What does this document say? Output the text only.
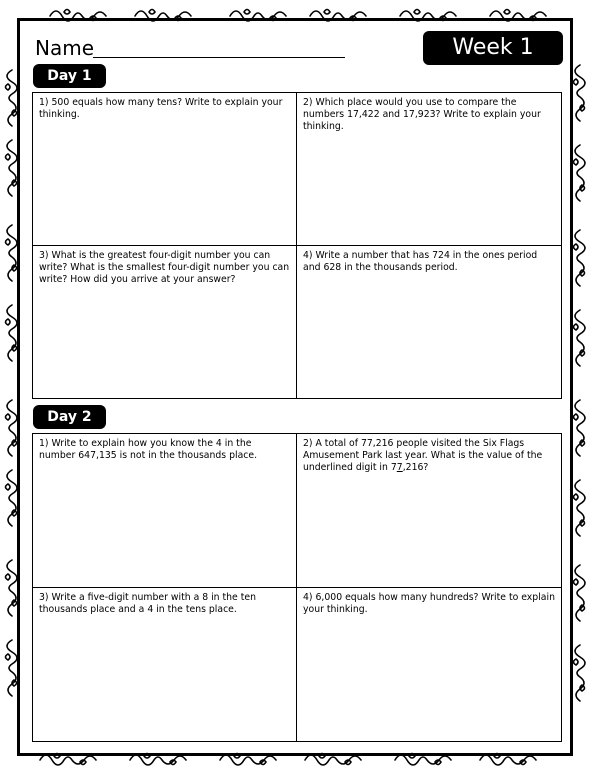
Name	Week 1
Day 1
1) 500 equals how many tens? Write to explain your thinking.
2) Which place would you use to compare the numbers 17,422 and 17,923? Write to explain your thinking.
3) What is the greatest four-digit number you can write? What is the smallest four-digit number you can write? How did you arrive at your answer?
4) Write a number that has 724 in the ones period and 628 in the thousands period.
Day 2
1) Write to explain how you know the 4 in the number 647,135 is not in the thousands place.
2) A total of 77,216 people visited the Six Flags Amusement Park last year. What is the value of the underlined digit in 77,216?
3) Write a five-digit number with a 8 in the ten thousands place and a 4 in the tens place.
4) 6,000 equals how many hundreds? Write to explain your thinking.
